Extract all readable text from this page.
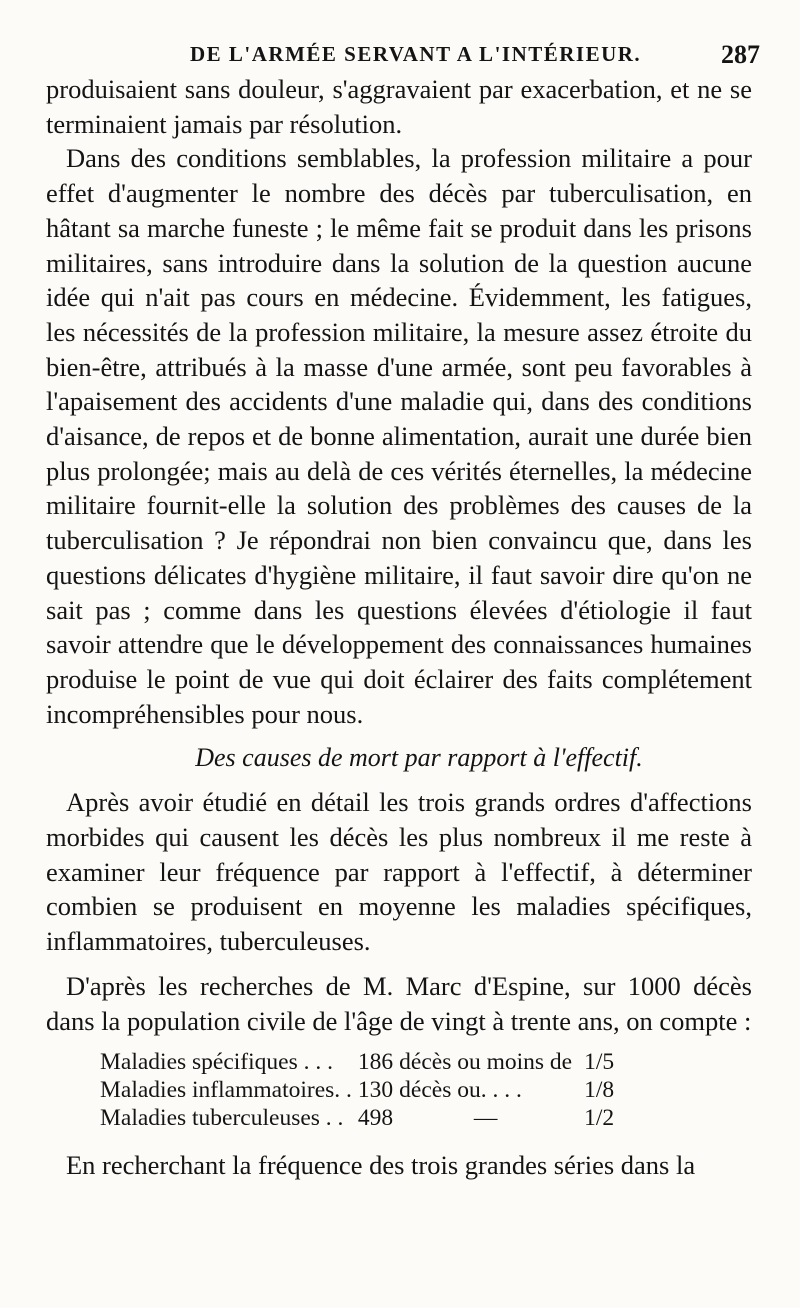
DE L'ARMÉE SERVANT A L'INTÉRIEUR.	287

produisaient sans douleur, s'aggravaient par exacerbation, et ne se terminaient jamais par résolution.

Dans des conditions semblables, la profession militaire a pour effet d'augmenter le nombre des décès par tuberculisation, en hâtant sa marche funeste ; le même fait se produit dans les prisons militaires, sans introduire dans la solution de la question aucune idée qui n'ait pas cours en médecine. Évidemment, les fatigues, les nécessités de la profession militaire, la mesure assez étroite du bien-être, attribués à la masse d'une armée, sont peu favorables à l'apaisement des accidents d'une maladie qui, dans des conditions d'aisance, de repos et de bonne alimentation, aurait une durée bien plus prolongée; mais au delà de ces vérités éternelles, la médecine militaire fournit-elle la solution des problèmes des causes de la tuberculisation ? Je répondrai non bien convaincu que, dans les questions délicates d'hygiène militaire, il faut savoir dire qu'on ne sait pas ; comme dans les questions élevées d'étiologie il faut savoir attendre que le développement des connaissances humaines produise le point de vue qui doit éclairer des faits complétement incompréhensibles pour nous.

Des causes de mort par rapport à l'effectif.

Après avoir étudié en détail les trois grands ordres d'affections morbides qui causent les décès les plus nombreux il me reste à examiner leur fréquence par rapport à l'effectif, à déterminer combien se produisent en moyenne les maladies spécifiques, inflammatoires, tuberculeuses.

D'après les recherches de M. Marc d'Espine, sur 1000 décès dans la population civile de l'âge de vingt à trente ans, on compte :

Maladies spécifiques . . .	186	décès ou moins de	1/5
Maladies inflammatoires. .	130	décès ou. . . .	1/8
Maladies tuberculeuses . .	498	—	1/2

En recherchant la fréquence des trois grandes séries dans la
